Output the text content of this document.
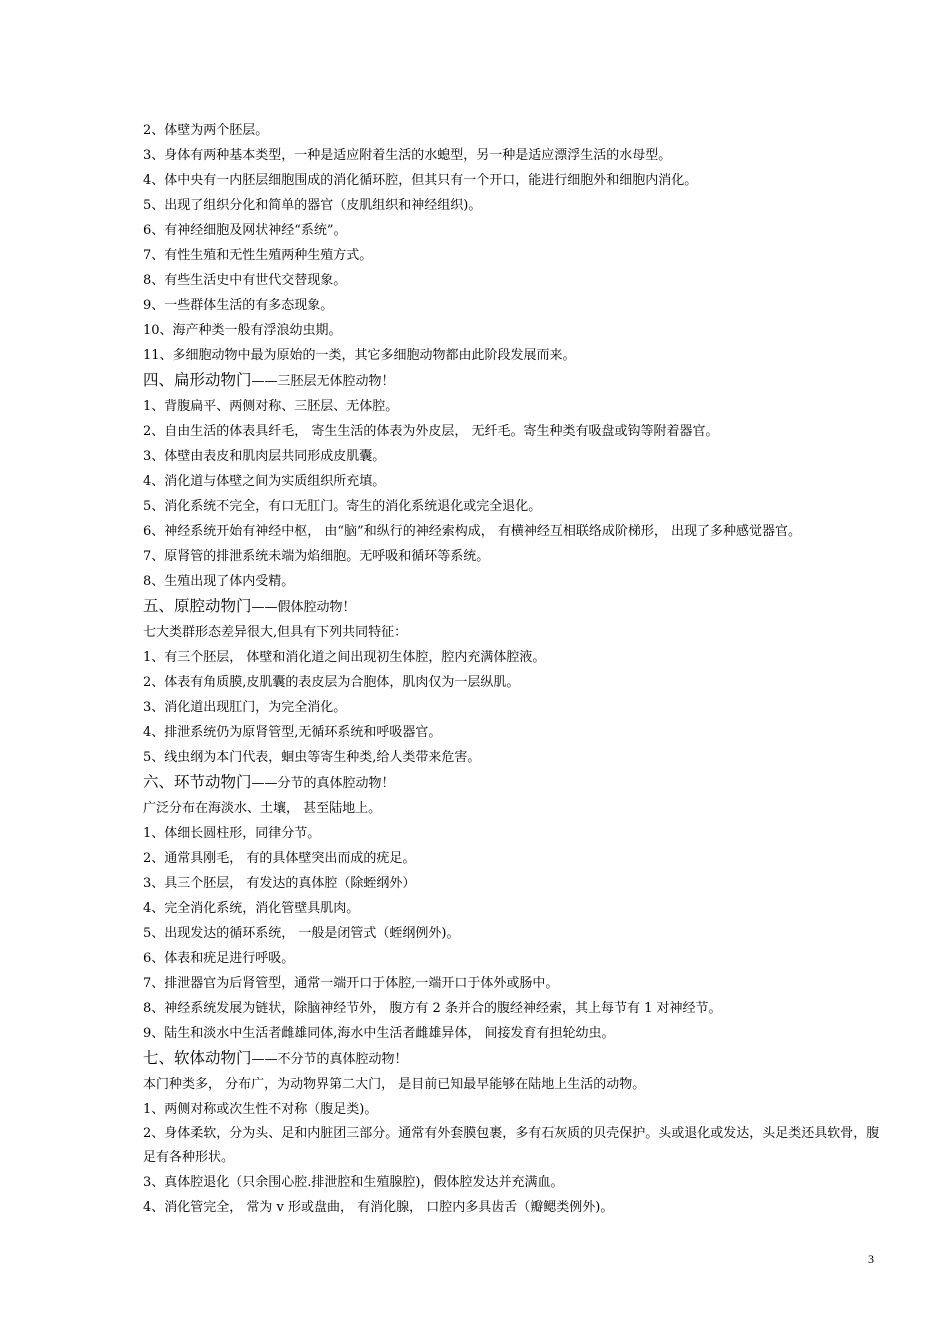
2、体壁为两个胚层。

3、身体有两种基本类型，一种是适应附着生活的水螅型，另一种是适应漂浮生活的水母型。

4、体中央有一内胚层细胞围成的消化循环腔，但其只有一个开口，能进行细胞外和细胞内消化。

5、出现了组织分化和简单的器官（皮肌组织和神经组织)。

6、有神经细胞及网状神经“系统”。

7、有性生殖和无性生殖两种生殖方式。

8、有些生活史中有世代交替现象。

9、一些群体生活的有多态现象。

10、海产种类一般有浮浪幼虫期。

11、多细胞动物中最为原始的一类，其它多细胞动物都由此阶段发展而来。

四、扁形动物门——三胚层无体腔动物！

1、背腹扁平、两侧对称、三胚层、无体腔。

2、自由生活的体表具纤毛， 寄生生活的体表为外皮层， 无纤毛。寄生种类有吸盘或钩等附着器官。

3、体壁由表皮和肌肉层共同形成皮肌囊。

4、消化道与体壁之间为实质组织所充填。

5、消化系统不完全，有口无肛门。寄生的消化系统退化或完全退化。

6、神经系统开始有神经中枢， 由“脑”和纵行的神经索构成， 有横神经互相联络成阶梯形， 出现了多种感觉器官。

7、原肾管的排泄系统未端为焰细胞。无呼吸和循环等系统。

8、生殖出现了体内受精。

五、原腔动物门——假体腔动物！

七大类群形态差异很大,但具有下列共同特征：

1、有三个胚层， 体壁和消化道之间出现初生体腔，腔内充满体腔液。

2、体表有角质膜,皮肌囊的表皮层为合胞体，肌肉仅为一层纵肌。

3、消化道出现肛门，为完全消化。

4、排泄系统仍为原肾管型,无循环系统和呼吸器官。

5、线虫纲为本门代表，蛔虫等寄生种类,给人类带来危害。

六、环节动物门——分节的真体腔动物！

广泛分布在海淡水、土壤， 甚至陆地上。

1、体细长圆柱形，同律分节。

2、通常具刚毛， 有的具体壁突出而成的疣足。

3、具三个胚层， 有发达的真体腔（除蛭纲外）

4、完全消化系统，消化管壁具肌肉。

5、出现发达的循环系统， 一般是闭管式（蛭纲例外)。

6、体表和疣足进行呼吸。

7、排泄器官为后肾管型，通常一端开口于体腔,一端开口于体外或肠中。

8、神经系统发展为链状，除脑神经节外， 腹方有 2 条并合的腹经神经索，其上每节有 1 对神经节。

9、陆生和淡水中生活者雌雄同体,海水中生活者雌雄异体， 间接发育有担轮幼虫。

七、软体动物门——不分节的真体腔动物！

本门种类多， 分布广，为动物界第二大门， 是目前已知最早能够在陆地上生活的动物。

1、两侧对称或次生性不对称（腹足类)。

2、身体柔软，分为头、足和内脏团三部分。通常有外套膜包裹，多有石灰质的贝壳保护。头或退化或发达，头足类还具软骨，腹足有各种形状。

3、真体腔退化（只余围心腔.排泄腔和生殖腺腔)，假体腔发达并充满血。

4、消化管完全， 常为 v 形或盘曲， 有消化腺， 口腔内多具齿舌（瓣鳃类例外)。

3
